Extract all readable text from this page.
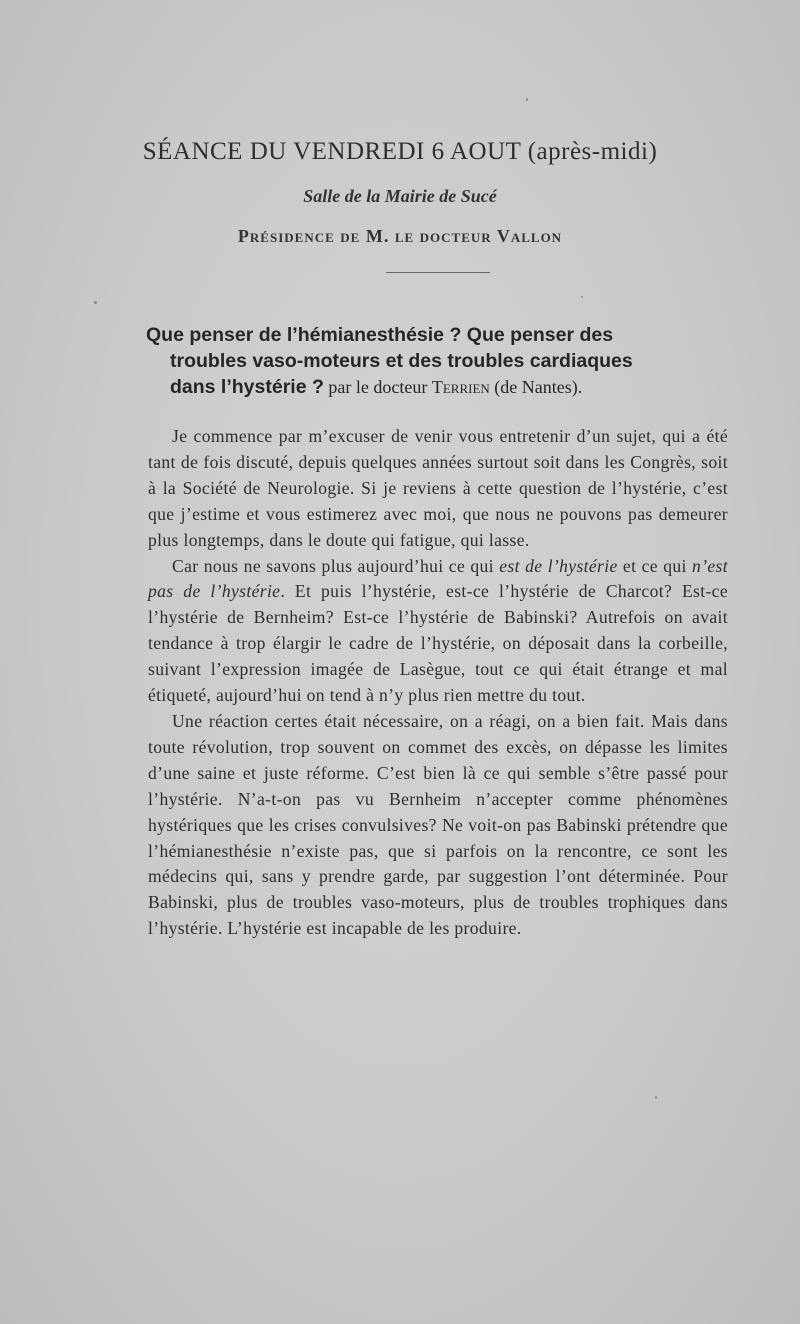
SÉANCE DU VENDREDI 6 AOUT (après-midi)
Salle de la Mairie de Sucé
Présidence de M. le docteur Vallon
Que penser de l’hémianesthésie ? Que penser des
troubles vaso-moteurs et des troubles cardiaques
dans l’hystérie ? par le docteur Terrien (de Nantes).

Je commence par m’excuser de venir vous entretenir d’un sujet, qui a été tant de fois discuté, depuis quelques années surtout soit dans les Congrès, soit à la Société de Neurologie. Si je reviens à cette question de l’hystérie, c’est que j’estime et vous estimerez avec moi, que nous ne pouvons pas demeurer plus longtemps, dans le doute qui fatigue, qui lasse.

Car nous ne savons plus aujourd’hui ce qui est de l’hystérie et ce qui n’est pas de l’hystérie. Et puis l’hystérie, est-ce l’hystérie de Charcot? Est-ce l’hystérie de Bernheim? Est-ce l’hystérie de Babinski? Autrefois on avait tendance à trop élargir le cadre de l’hystérie, on déposait dans la corbeille, suivant l’expression imagée de Lasègue, tout ce qui était étrange et mal étiqueté, aujourd’hui on tend à n’y plus rien mettre du tout.

Une réaction certes était nécessaire, on a réagi, on a bien fait. Mais dans toute révolution, trop souvent on commet des excès, on dépasse les limites d’une saine et juste réforme. C’est bien là ce qui semble s’être passé pour l’hystérie. N’a-t-on pas vu Bernheim n’accepter comme phénomènes hystériques que les crises convulsives? Ne voit-on pas Babinski prétendre que l’hémianesthésie n’existe pas, que si parfois on la rencontre, ce sont les médecins qui, sans y prendre garde, par suggestion l’ont déterminée. Pour Babinski, plus de troubles vaso-moteurs, plus de troubles trophiques dans l’hystérie. L’hystérie est incapable de les produire.
